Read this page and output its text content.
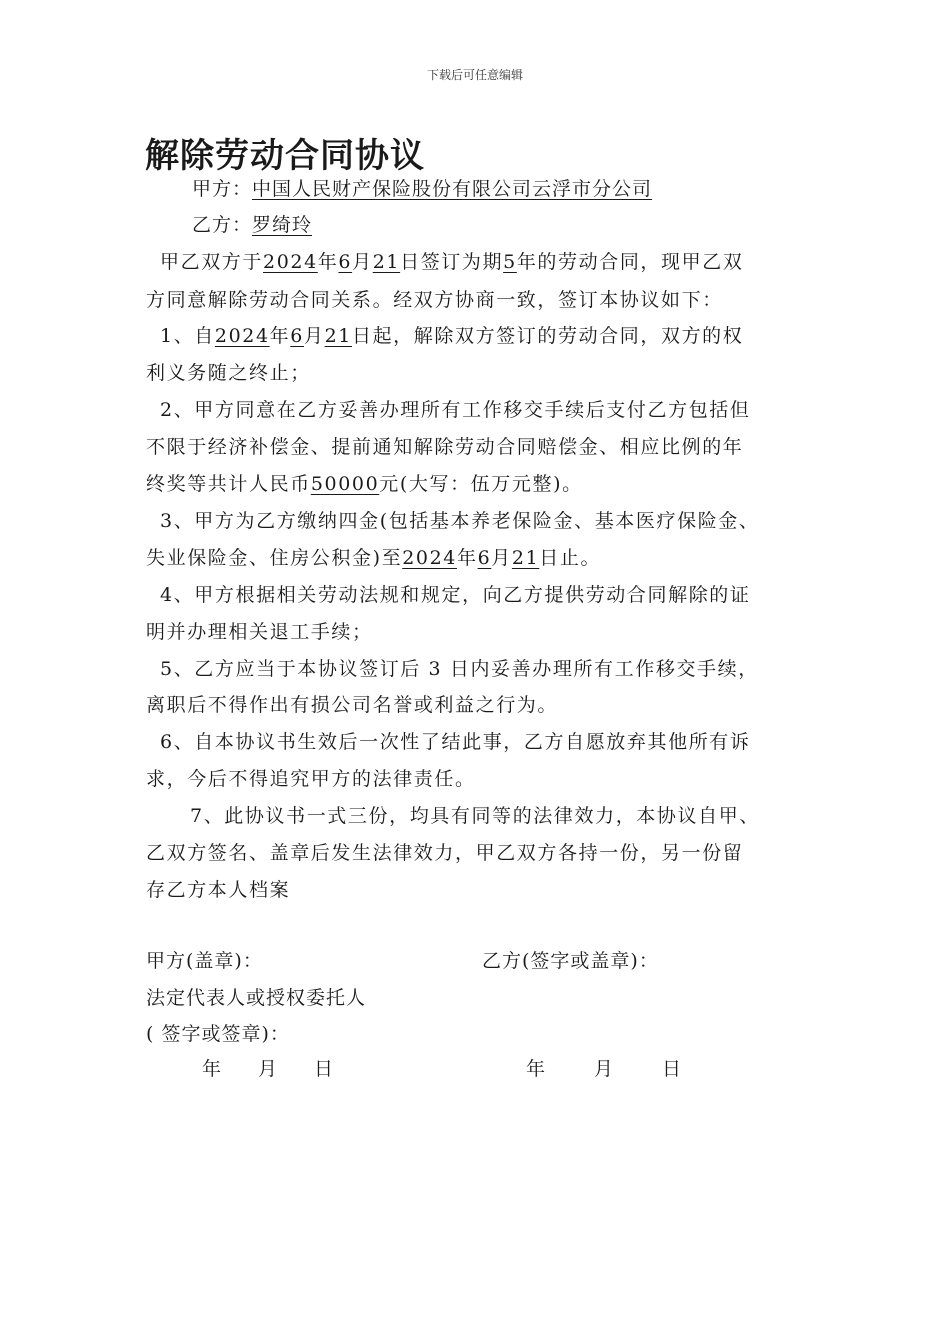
下载后可任意编辑
解除劳动合同协议
甲方：中国人民财产保险股份有限公司云浮市分公司
乙方：罗绮玲
甲乙双方于2024年6月21日签订为期5年的劳动合同，现甲乙双
方同意解除劳动合同关系。经双方协商一致，签订本协议如下：
1、自2024年6月21日起，解除双方签订的劳动合同，双方的权
利义务随之终止；
2、甲方同意在乙方妥善办理所有工作移交手续后支付乙方包括但
不限于经济补偿金、提前通知解除劳动合同赔偿金、相应比例的年
终奖等共计人民币50000元(大写：伍万元整)。
3、甲方为乙方缴纳四金(包括基本养老保险金、基本医疗保险金、
失业保险金、住房公积金)至2024年6月21日止。
4、甲方根据相关劳动法规和规定，向乙方提供劳动合同解除的证
明并办理相关退工手续；
5、乙方应当于本协议签订后 3 日内妥善办理所有工作移交手续，
离职后不得作出有损公司名誉或利益之行为。
6、自本协议书生效后一次性了结此事，乙方自愿放弃其他所有诉
求，今后不得追究甲方的法律责任。
7、此协议书一式三份，均具有同等的法律效力，本协议自甲、
乙双方签名、盖章后发生法律效力，甲乙双方各持一份，另一份留
存乙方本人档案
甲方(盖章)：	乙方(签字或盖章)：
法定代表人或授权委托人
( 签字或签章)：
年 月 日	年	月	日
